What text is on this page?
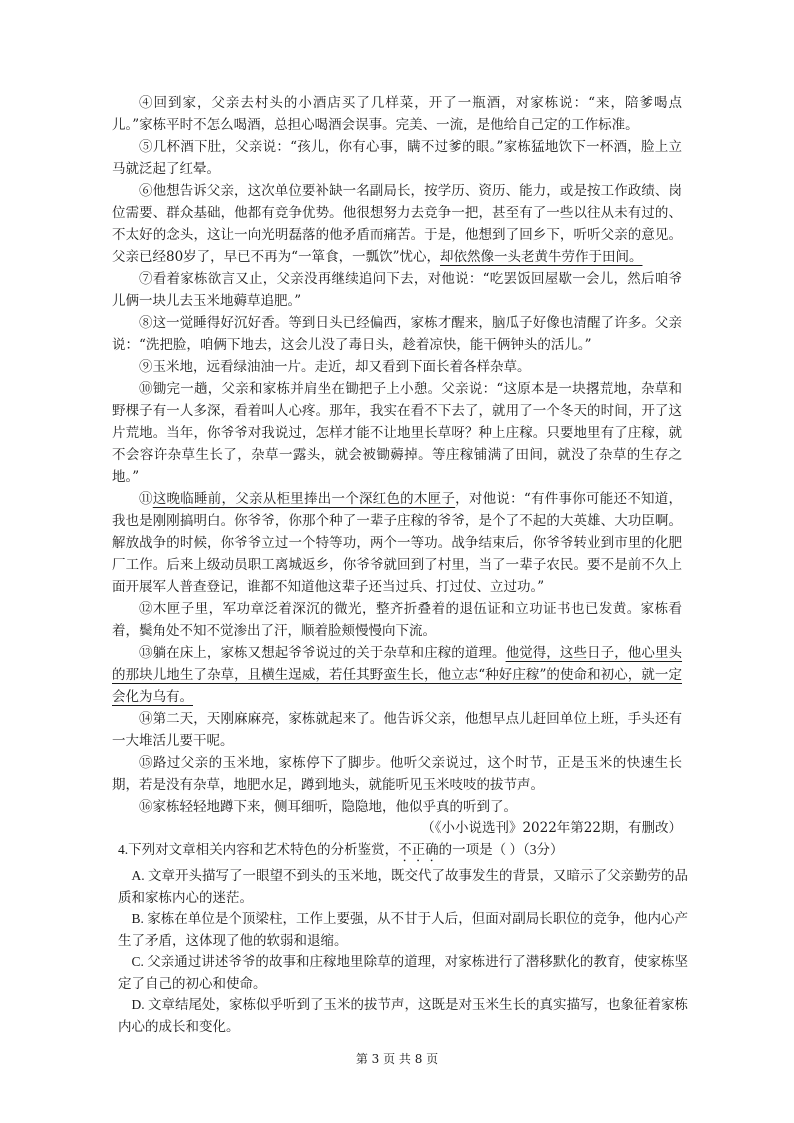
④回到家，父亲去村头的小酒店买了几样菜，开了一瓶酒，对家栋说：“来，陪爹喝点儿。”家栋平时不怎么喝酒，总担心喝酒会误事。完美、一流，是他给自己定的工作标准。

⑤几杯酒下肚，父亲说：“孩儿，你有心事，瞒不过爹的眼。”家栋猛地饮下一杯酒，脸上立马就泛起了红晕。

⑥他想告诉父亲，这次单位要补缺一名副局长，按学历、资历、能力，或是按工作政绩、岗位需要、群众基础，他都有竞争优势。他很想努力去竞争一把，甚至有了一些以往从未有过的、不太好的念头，这让一向光明磊落的他矛盾而痛苦。于是，他想到了回乡下，听听父亲的意见。父亲已经80岁了，早已不再为“一箪食，一瓢饮”忧心，却依然像一头老黄牛劳作于田间。

⑦看着家栋欲言又止，父亲没再继续追问下去，对他说：“吃罢饭回屋歇一会儿，然后咱爷儿俩一块儿去玉米地薅草追肥。”

⑧这一觉睡得好沉好香。等到日头已经偏西，家栋才醒来，脑瓜子好像也清醒了许多。父亲说：“洗把脸，咱俩下地去，这会儿没了毒日头，趁着凉快，能干俩钟头的活儿。”

⑨玉米地，远看绿油油一片。走近，却又看到下面长着各样杂草。

⑩锄完一趟，父亲和家栋并肩坐在锄把子上小憩。父亲说：“这原本是一块撂荒地，杂草和野棵子有一人多深，看着叫人心疼。那年，我实在看不下去了，就用了一个冬天的时间，开了这片荒地。当年，你爷爷对我说过，怎样才能不让地里长草呀？种上庄稼。只要地里有了庄稼，就不会容许杂草生长了，杂草一露头，就会被锄薅掉。等庄稼铺满了田间，就没了杂草的生存之地。”

⑪这晚临睡前，父亲从柜里捧出一个深红色的木匣子，对他说：“有件事你可能还不知道，我也是刚刚搞明白。你爷爷，你那个种了一辈子庄稼的爷爷，是个了不起的大英雄、大功臣啊。解放战争的时候，你爷爷立过一个特等功，两个一等功。战争结束后，你爷爷转业到市里的化肥厂工作。后来上级动员职工离城返乡，你爷爷就回到了村里，当了一辈子农民。要不是前不久上面开展军人普查登记，谁都不知道他这辈子还当过兵、打过仗、立过功。”

⑫木匣子里，军功章泛着深沉的微光，整齐折叠着的退伍证和立功证书也已发黄。家栋看着，鬓角处不知不觉渗出了汗，顺着脸颊慢慢向下流。

⑬躺在床上，家栋又想起爷爷说过的关于杂草和庄稼的道理。他觉得，这些日子，他心里头的那块儿地生了杂草，且横生逞威，若任其野蛮生长，他立志“种好庄稼”的使命和初心，就一定会化为乌有。

⑭第二天，天刚麻麻亮，家栋就起来了。他告诉父亲，他想早点儿赶回单位上班，手头还有一大堆活儿要干呢。

⑮路过父亲的玉米地，家栋停下了脚步。他听父亲说过，这个时节，正是玉米的快速生长期，若是没有杂草，地肥水足，蹲到地头，就能听见玉米吱吱的拔节声。

⑯家栋轻轻地蹲下来，侧耳细听，隐隐地，他似乎真的听到了。

（《小小说选刊》2022年第22期，有删改）

4.下列对文章相关内容和艺术特色的分析鉴赏，不正确的一项是（ ）（3分）

A. 文章开头描写了一眼望不到头的玉米地，既交代了故事发生的背景，又暗示了父亲勤劳的品质和家栋内心的迷茫。

B. 家栋在单位是个顶梁柱，工作上要强，从不甘于人后，但面对副局长职位的竞争，他内心产生了矛盾，这体现了他的软弱和退缩。

C. 父亲通过讲述爷爷的故事和庄稼地里除草的道理，对家栋进行了潜移默化的教育，使家栋坚定了自己的初心和使命。

D. 文章结尾处，家栋似乎听到了玉米的拔节声，这既是对玉米生长的真实描写，也象征着家栋内心的成长和变化。

第 3 页 共 8 页
